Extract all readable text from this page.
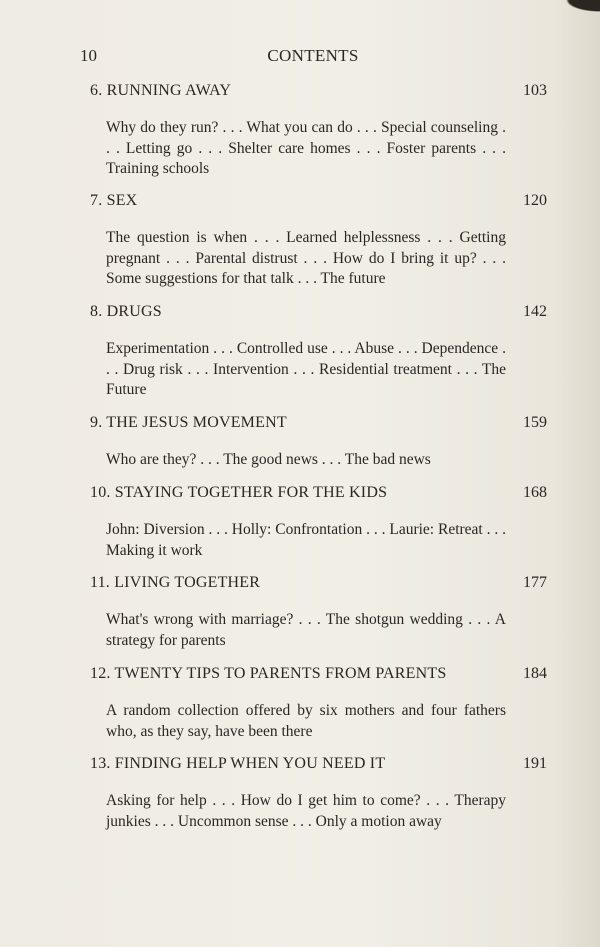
10	CONTENTS
6. RUNNING AWAY	103
Why do they run? . . . What you can do . . . Special counseling . . . Letting go . . . Shelter care homes . . . Foster parents . . . Training schools
7. SEX	120
The question is when . . . Learned helplessness . . . Getting pregnant . . . Parental distrust . . . How do I bring it up? . . . Some suggestions for that talk . . . The future
8. DRUGS	142
Experimentation . . . Controlled use . . . Abuse . . . Dependence . . . Drug risk . . . Intervention . . . Residential treatment . . . The Future
9. THE JESUS MOVEMENT	159
Who are they? . . . The good news . . . The bad news
10. STAYING TOGETHER FOR THE KIDS	168
John: Diversion . . . Holly: Confrontation . . . Laurie: Retreat . . . Making it work
11. LIVING TOGETHER	177
What's wrong with marriage? . . . The shotgun wedding . . . A strategy for parents
12. TWENTY TIPS TO PARENTS FROM PARENTS	184
A random collection offered by six mothers and four fathers who, as they say, have been there
13. FINDING HELP WHEN YOU NEED IT	191
Asking for help . . . How do I get him to come? . . . Therapy junkies . . . Uncommon sense . . . Only a motion away
